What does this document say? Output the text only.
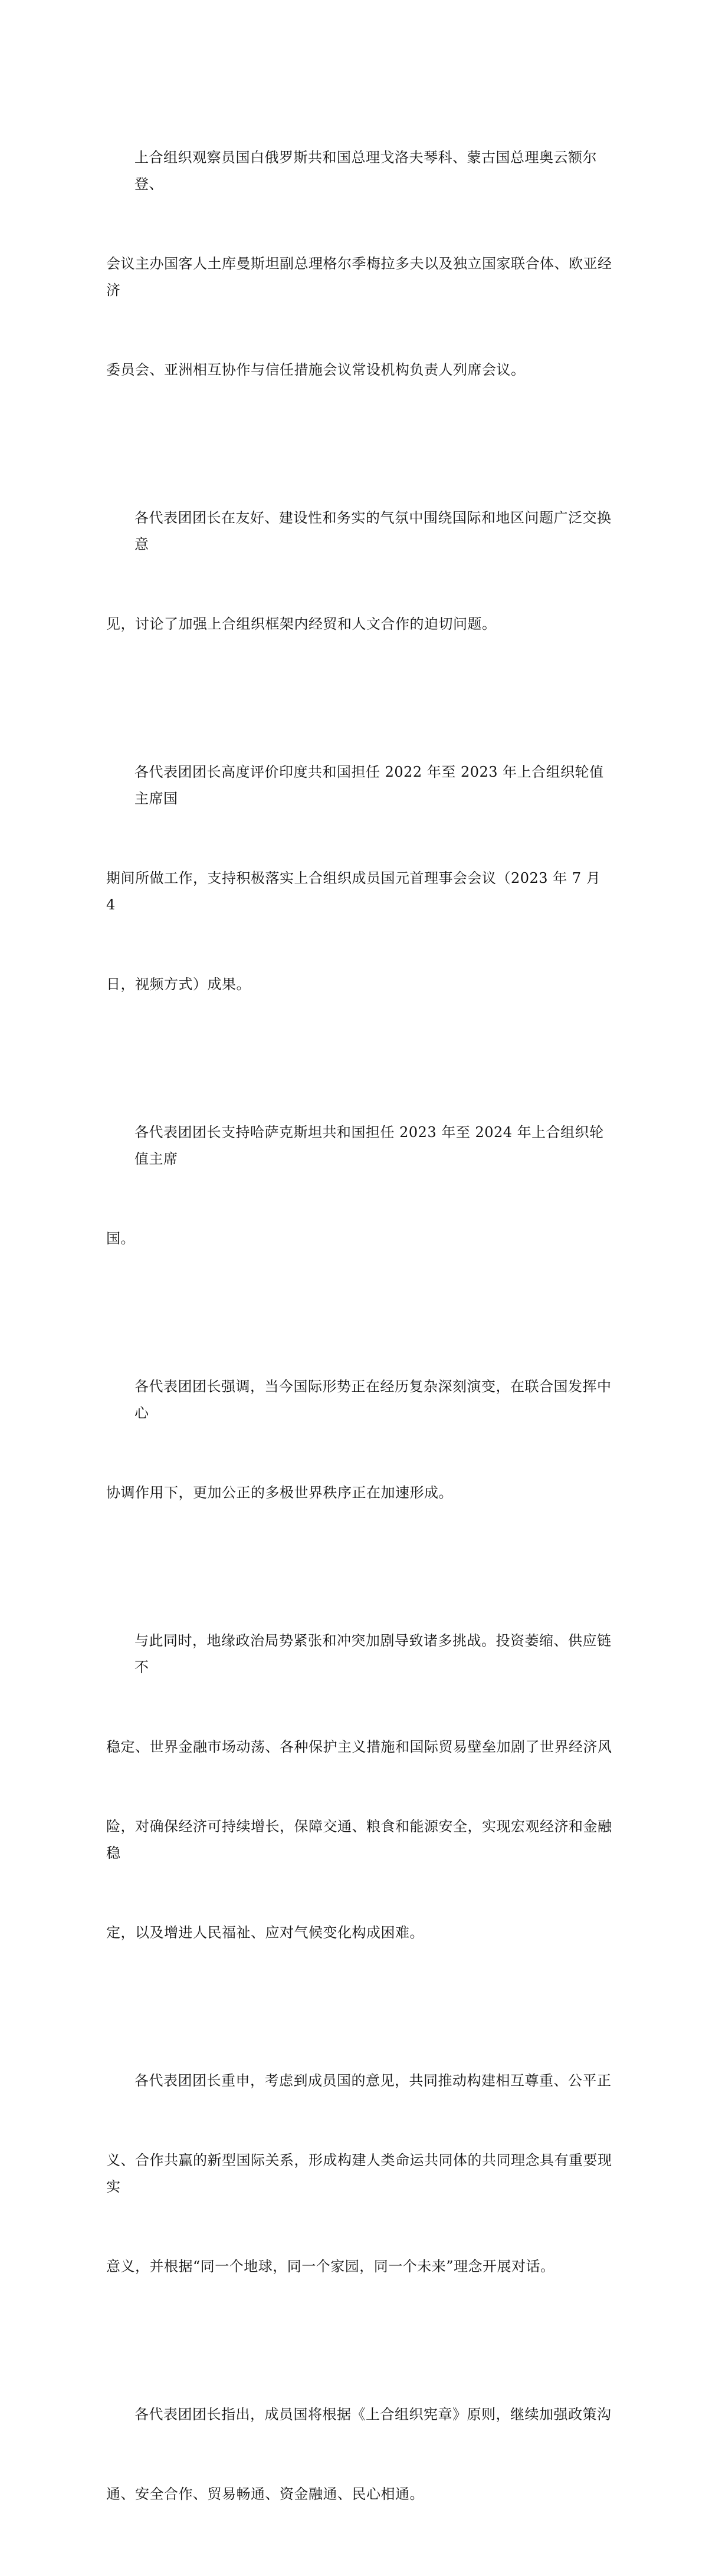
上合组织观察员国白俄罗斯共和国总理戈洛夫琴科、蒙古国总理奥云额尔登、

会议主办国客人土库曼斯坦副总理格尔季梅拉多夫以及独立国家联合体、欧亚经济

委员会、亚洲相互协作与信任措施会议常设机构负责人列席会议。

各代表团团长在友好、建设性和务实的气氛中围绕国际和地区问题广泛交换意

见，讨论了加强上合组织框架内经贸和人文合作的迫切问题。

各代表团团长高度评价印度共和国担任 2022 年至 2023 年上合组织轮值主席国

期间所做工作，支持积极落实上合组织成员国元首理事会会议（2023 年 7 月 4

日，视频方式）成果。

各代表团团长支持哈萨克斯坦共和国担任 2023 年至 2024 年上合组织轮值主席

国。

各代表团团长强调，当今国际形势正在经历复杂深刻演变，在联合国发挥中心

协调作用下，更加公正的多极世界秩序正在加速形成。

与此同时，地缘政治局势紧张和冲突加剧导致诸多挑战。投资萎缩、供应链不

稳定、世界金融市场动荡、各种保护主义措施和国际贸易壁垒加剧了世界经济风

险，对确保经济可持续增长，保障交通、粮食和能源安全，实现宏观经济和金融稳

定，以及增进人民福祉、应对气候变化构成困难。

各代表团团长重申，考虑到成员国的意见，共同推动构建相互尊重、公平正

义、合作共赢的新型国际关系，形成构建人类命运共同体的共同理念具有重要现实

意义，并根据“同一个地球，同一个家园，同一个未来”理念开展对话。

各代表团团长指出，成员国将根据《上合组织宪章》原则，继续加强政策沟

通、安全合作、贸易畅通、资金融通、民心相通。
